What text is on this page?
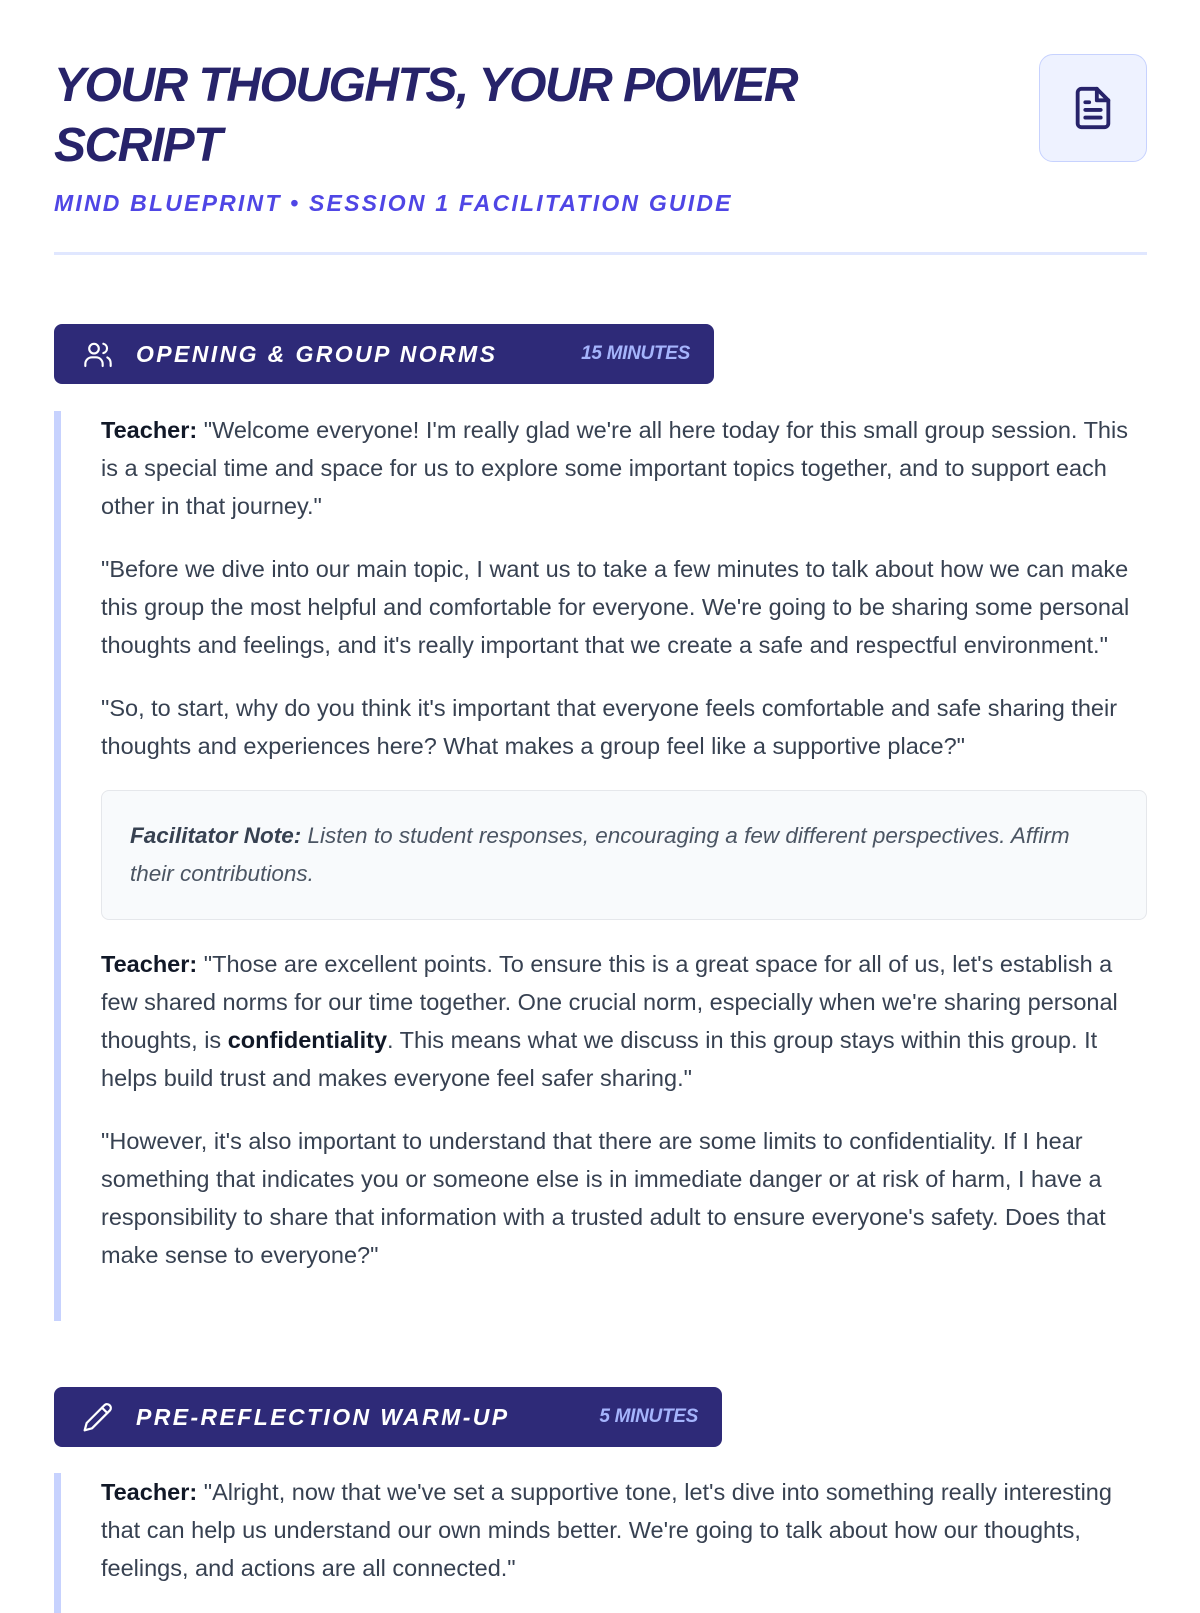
YOUR THOUGHTS, YOUR POWER SCRIPT
MIND BLUEPRINT • SESSION 1 FACILITATION GUIDE
OPENING & GROUP NORMS	15 MINUTES

Teacher: "Welcome everyone! I'm really glad we're all here today for this small group session. This is a special time and space for us to explore some important topics together, and to support each other in that journey."

"Before we dive into our main topic, I want us to take a few minutes to talk about how we can make this group the most helpful and comfortable for everyone. We're going to be sharing some personal thoughts and feelings, and it's really important that we create a safe and respectful environment."

"So, to start, why do you think it's important that everyone feels comfortable and safe sharing their thoughts and experiences here? What makes a group feel like a supportive place?"

Facilitator Note: Listen to student responses, encouraging a few different perspectives. Affirm their contributions.

Teacher: "Those are excellent points. To ensure this is a great space for all of us, let's establish a few shared norms for our time together. One crucial norm, especially when we're sharing personal thoughts, is confidentiality. This means what we discuss in this group stays within this group. It helps build trust and makes everyone feel safer sharing."

"However, it's also important to understand that there are some limits to confidentiality. If I hear something that indicates you or someone else is in immediate danger or at risk of harm, I have a responsibility to share that information with a trusted adult to ensure everyone's safety. Does that make sense to everyone?"

PRE-REFLECTION WARM-UP	5 MINUTES

Teacher: "Alright, now that we've set a supportive tone, let's dive into something really interesting that can help us understand our own minds better. We're going to talk about how our thoughts, feelings, and actions are all connected."
